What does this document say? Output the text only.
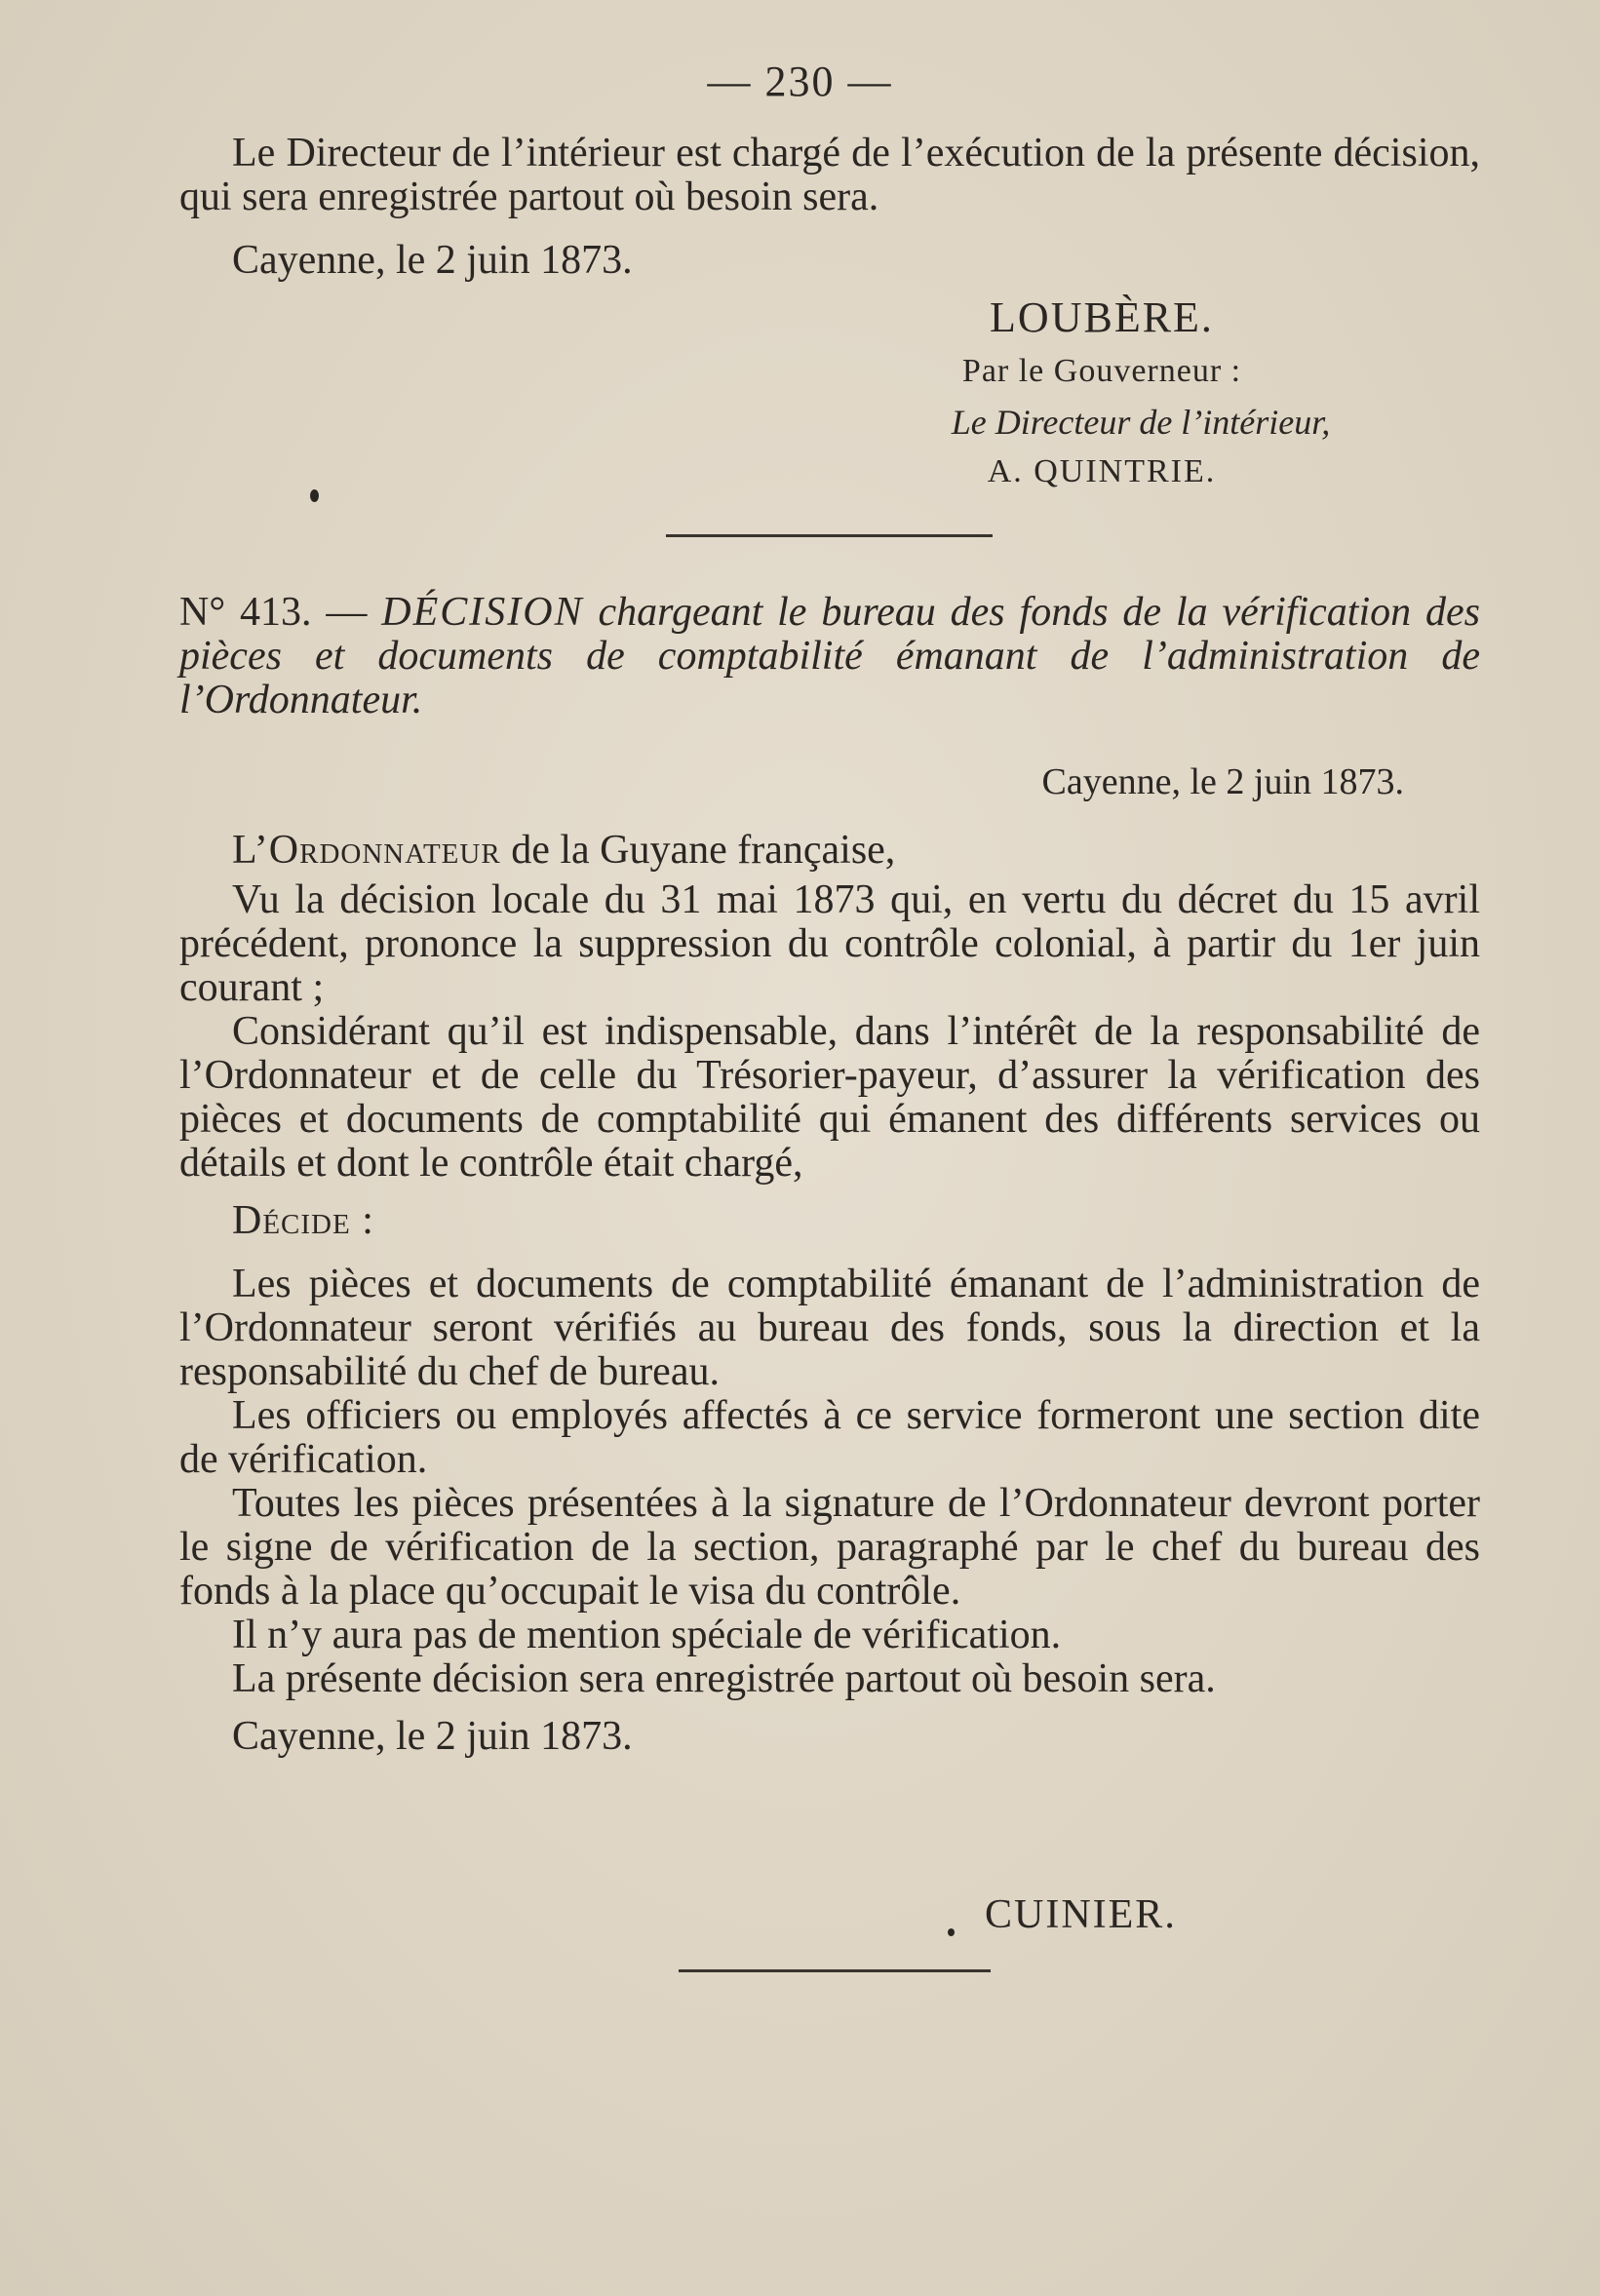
— 230 —

Le Directeur de l’intérieur est chargé de l’exécution de la présente décision, qui sera enregistrée partout où besoin sera.

Cayenne, le 2 juin 1873.

LOUBÈRE.
Par le Gouverneur :
Le Directeur de l’intérieur,
A. QUINTRIE.

N° 413. — DÉCISION chargeant le bureau des fonds de la vérification des pièces et documents de comptabilité émanant de l’administration de l’Ordonnateur.

Cayenne, le 2 juin 1873.

L’Ordonnateur de la Guyane française,

Vu la décision locale du 31 mai 1873 qui, en vertu du décret du 15 avril précédent, prononce la suppression du contrôle colonial, à partir du 1er juin courant ;

Considérant qu’il est indispensable, dans l’intérêt de la responsabilité de l’Ordonnateur et de celle du Trésorier-payeur, d’assurer la vérification des pièces et documents de comptabilité qui émanent des différents services ou détails et dont le contrôle était chargé,

Décide :

Les pièces et documents de comptabilité émanant de l’administration de l’Ordonnateur seront vérifiés au bureau des fonds, sous la direction et la responsabilité du chef de bureau.

Les officiers ou employés affectés à ce service formeront une section dite de vérification.

Toutes les pièces présentées à la signature de l’Ordonnateur devront porter le signe de vérification de la section, paragraphé par le chef du bureau des fonds à la place qu’occupait le visa du contrôle.

Il n’y aura pas de mention spéciale de vérification.

La présente décision sera enregistrée partout où besoin sera.

Cayenne, le 2 juin 1873.

CUINIER.
